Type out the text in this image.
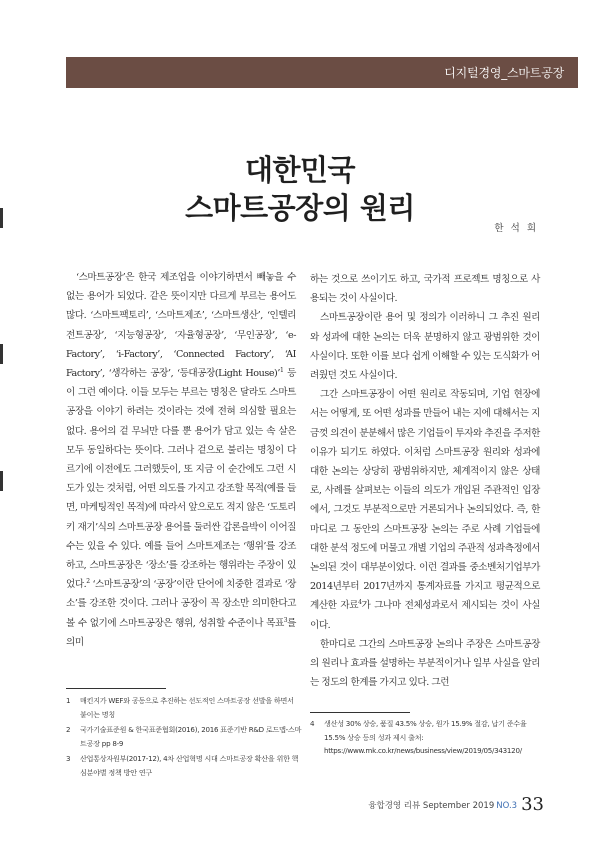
디지털경영_스마트공장
대한민국
스마트공장의 원리
한 석 희

‘스마트공장’은 한국 제조업을 이야기하면서 빼놓을 수 없는 용어가 되었다. 같은 뜻이지만 다르게 부르는 용어도 많다. ‘스마트팩토리’, ‘스마트제조’, ‘스마트생산’, ‘인텔리전트공장’, ‘지능형공장’, ‘자율형공장’, ‘무인공장’, ‘e-Factory’, ‘i-Factory’, ‘Connected Factory’, ‘AI Factory’, ‘생각하는 공장’, ‘등대공장(Light House)’$^1$ 등 이 그런 예이다. 이들 모두는 부르는 명칭은 달라도 스마트공장을 이야기 하려는 것이라는 것에 전혀 의심할 필요는 없다. 용어의 겉 무늬만 다를 뿐 용어가 담고 있는 속 살은 모두 동일하다는 뜻이다. 그러나 겉으로 불리는 명칭이 다르기에 이전에도 그러했듯이, 또 지금 이 순간에도 그런 시도가 있는 것처럼, 어떤 의도를 가지고 강조할 목적(예를 들면, 마케팅적인 목적)에 따라서 앞으로도 적지 않은 ‘도토리 키 재기’식의 스마트공장 용어를 둘러싼 갑론을박이 이어질 수는 있을 수 있다. 예를 들어 스마트제조는 ‘행위’를 강조하고, 스마트공장은 ‘장소’를 강조하는 행위라는 주장이 있었다.$^2$ ‘스마트공장’의 ‘공장’이란 단어에 치중한 결과로 ‘장소’를 강조한 것이다. 그러나 공장이 꼭 장소만 의미한다고 볼 수 없기에 스마트공장은 행위, 성취할 수준이나 목표$^3$를 의미

하는 것으로 쓰이기도 하고, 국가적 프로젝트 명칭으로 사용되는 것이 사실이다.

스마트공장이란 용어 및 정의가 이러하니 그 추진 원리와 성과에 대한 논의는 더욱 분명하지 않고 광범위한 것이 사실이다. 또한 이를 보다 쉽게 이해할 수 있는 도식화가 어려웠던 것도 사실이다.

그간 스마트공장이 어떤 원리로 작동되며, 기업 현장에서는 어떻게, 또 어떤 성과를 만들어 내는 지에 대해서는 지금껏 의견이 분분해서 많은 기업들이 투자와 추진을 주저한 이유가 되기도 하였다. 이처럼 스마트공장 원리와 성과에 대한 논의는 상당히 광범위하지만, 체계적이지 않은 상태로, 사례를 살펴보는 이들의 의도가 개입된 주관적인 입장에서, 그것도 부분적으로만 거론되거나 논의되었다. 즉, 한마디로 그 동안의 스마트공장 논의는 주로 사례 기업들에 대한 분석 정도에 머물고 개별 기업의 주관적 성과측정에서 논의된 것이 대부분이었다. 이런 결과를 중소벤처기업부가 2014년부터 2017년까지 통계자료를 가지고 평균적으로 계산한 자료$^4$가 그나마 전체성과로서 제시되는 것이 사실이다.

한마디로 그간의 스마트공장 논의나 주장은 스마트공장의 원리나 효과를 설명하는 부분적이거나 일부 사실을 알리는 정도의 한계를 가지고 있다. 그런

1 매킨지가 WEF와 공동으로 추진하는 선도적인 스마트공장 선발을 하면서 붙이는 명칭
2 국가기술표준원 & 한국표준협회(2016), 2016 표준기반 R&D 로드맵-스마트공장 pp 8-9
3 산업통상자원부(2017-12), 4차 산업혁명 시대 스마트공장 확산을 위한 핵심분야별 정책 방안 연구
4 생산성 30% 상승, 품질 43.5% 상승, 원가 15.9% 절감, 납기 준수율 15.5% 상승 등의 성과 제시 출처: https://www.mk.co.kr/news/business/view/2019/05/343120/
융합경영 리뷰 September 2019 NO.3 33
